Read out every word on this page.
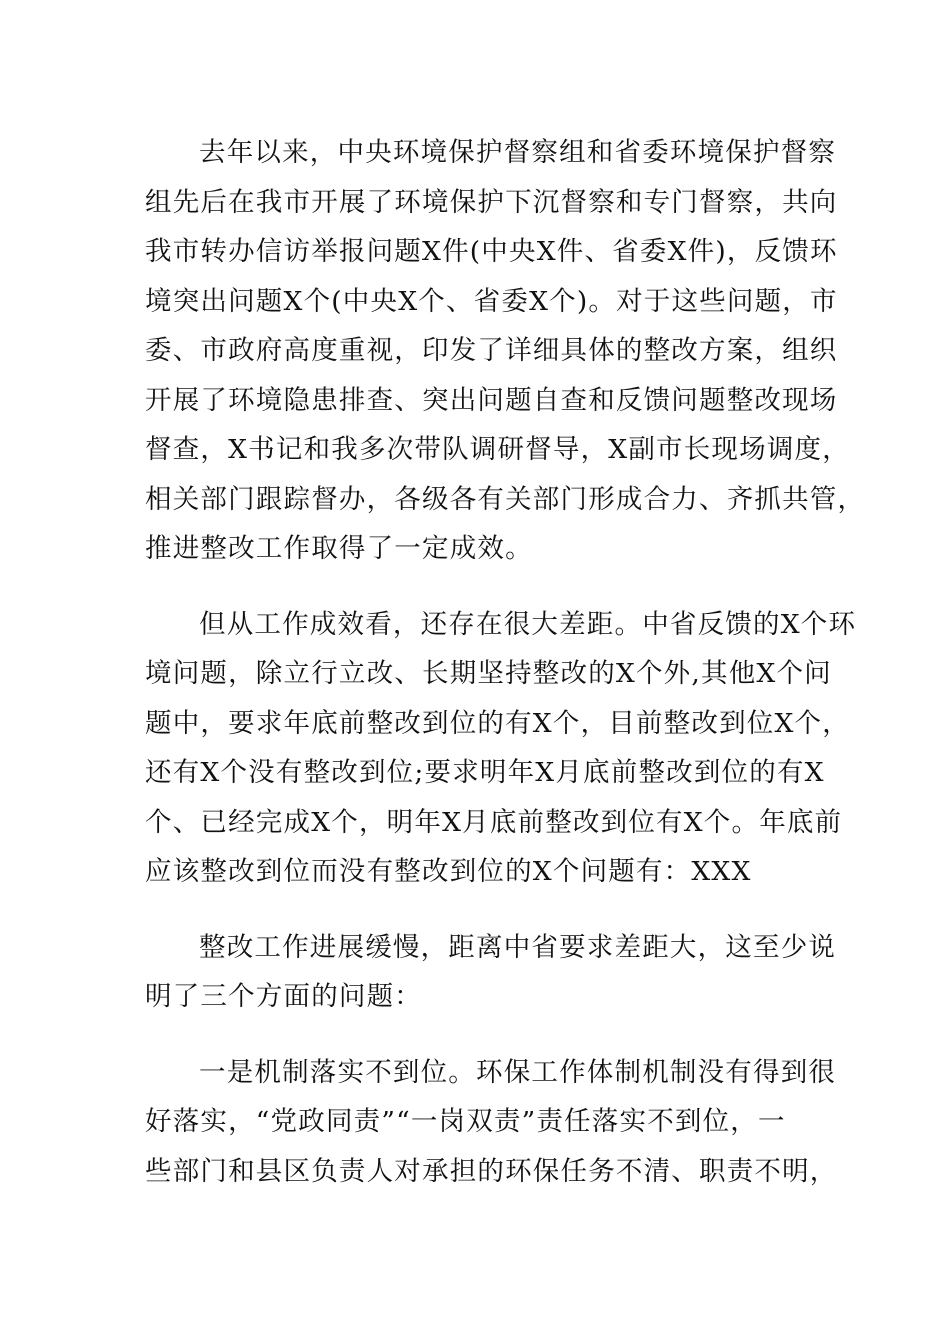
去年以来，中央环境保护督察组和省委环境保护督察
组先后在我市开展了环境保护下沉督察和专门督察，共向
我市转办信访举报问题X件(中央X件、省委X件)，反馈环
境突出问题X个(中央X个、省委X个)。对于这些问题，市
委、市政府高度重视，印发了详细具体的整改方案，组织
开展了环境隐患排查、突出问题自查和反馈问题整改现场
督查，X书记和我多次带队调研督导，X副市长现场调度，
相关部门跟踪督办，各级各有关部门形成合力、齐抓共管，
推进整改工作取得了一定成效。
但从工作成效看，还存在很大差距。中省反馈的X个环
境问题，除立行立改、长期坚持整改的X个外,其他X个问
题中，要求年底前整改到位的有X个，目前整改到位X个，
还有X个没有整改到位;要求明年X月底前整改到位的有X
个、已经完成X个，明年X月底前整改到位有X个。年底前
应该整改到位而没有整改到位的X个问题有：XXX
整改工作进展缓慢，距离中省要求差距大，这至少说
明了三个方面的问题：
一是机制落实不到位。环保工作体制机制没有得到很
好落实，“党政同责”“一岗双责”责任落实不到位，一
些部门和县区负责人对承担的环保任务不清、职责不明，
